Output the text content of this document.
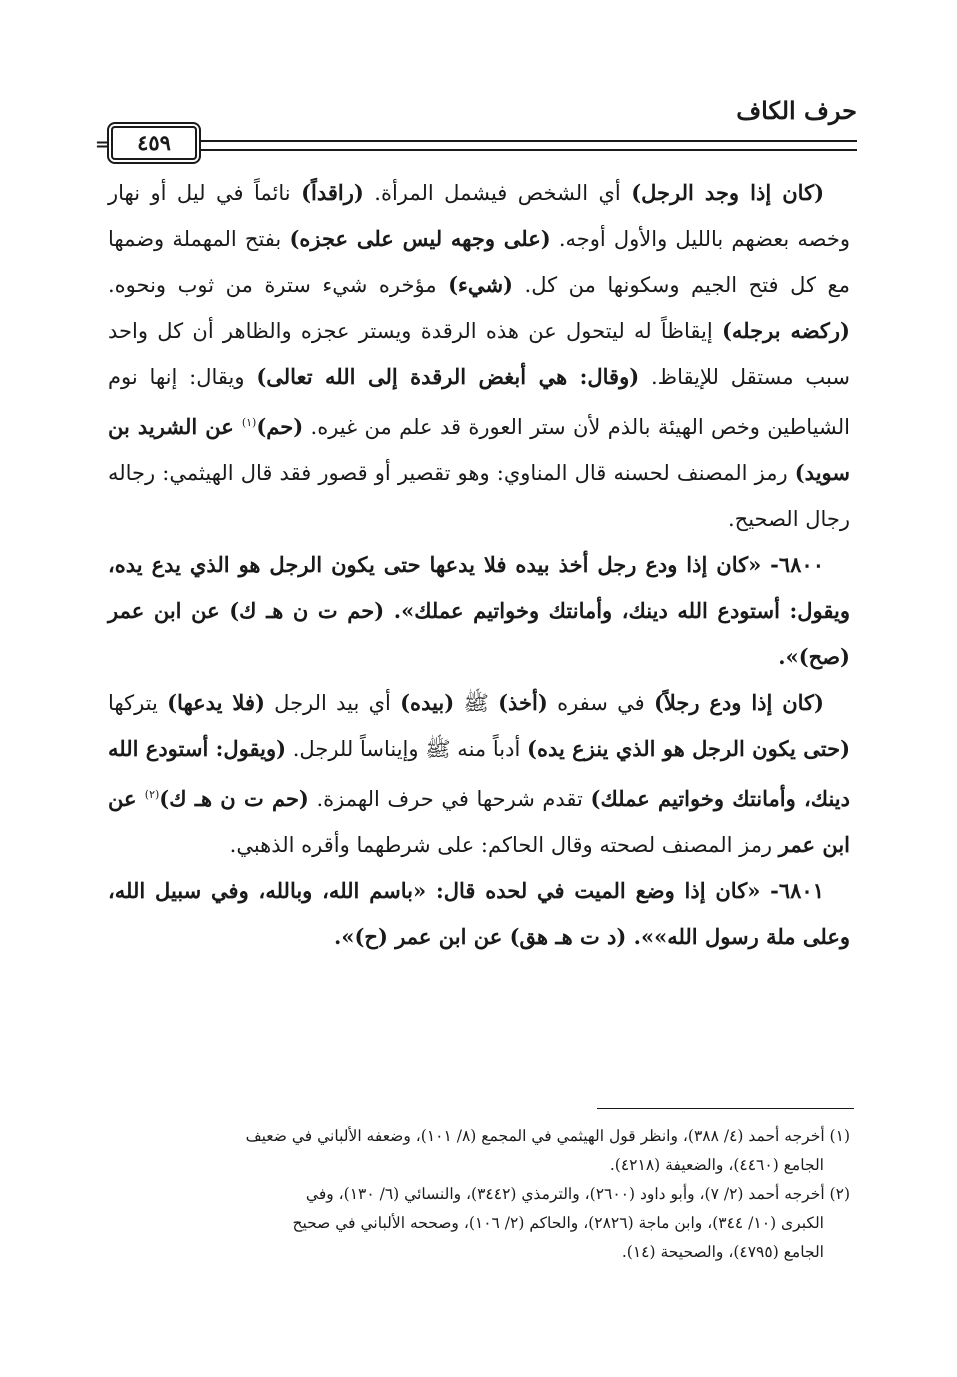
حرف الكاف
٤٥٩
=

(كان إذا وجد الرجل) أي الشخص فيشمل المرأة. (راقداً) نائماً في ليل أو نهار وخصه بعضهم بالليل والأول أوجه. (على وجهه ليس على عجزه) بفتح المهملة وضمها مع كل فتح الجيم وسكونها من كل. (شيء) مؤخره شيء سترة من ثوب ونحوه. (ركضه برجله) إيقاظاً له ليتحول عن هذه الرقدة ويستر عجزه والظاهر أن كل واحد سبب مستقل للإيقاظ. (وقال: هي أبغض الرقدة إلى الله تعالى) ويقال: إنها نوم الشياطين وخص الهيئة بالذم لأن ستر العورة قد علم من غيره. (حم)$^{(١)}$ عن الشريد بن سويد) رمز المصنف لحسنه قال المناوي: وهو تقصير أو قصور فقد قال الهيثمي: رجاله رجال الصحيح.

٦٨٠٠- «كان إذا ودع رجل أخذ بيده فلا يدعها حتى يكون الرجل هو الذي يدع يده، ويقول: أستودع الله دينك، وأمانتك وخواتيم عملك». (حم ت ن هـ ك) عن ابن عمر (صح)».

(كان إذا ودع رجلاً) في سفره (أخذ) ﷺ (بيده) أي بيد الرجل (فلا يدعها) يتركها (حتى يكون الرجل هو الذي ينزع يده) أدباً منه ﷺ وإيناساً للرجل. (ويقول: أستودع الله دينك، وأمانتك وخواتيم عملك) تقدم شرحها في حرف الهمزة. (حم ت ن هـ ك)$^{(٢)}$ عن ابن عمر رمز المصنف لصحته وقال الحاكم: على شرطهما وأقره الذهبي.

٦٨٠١- «كان إذا وضع الميت في لحده قال: «باسم الله، وبالله، وفي سبيل الله، وعلى ملة رسول الله»». (د ت هـ هق) عن ابن عمر (ح)».

(١) أخرجه أحمد (٤/ ٣٨٨)، وانظر قول الهيثمي في المجمع (٨/ ١٠١)، وضعفه الألباني في ضعيف
الجامع (٤٤٦٠)، والضعيفة (٤٢١٨).

(٢) أخرجه أحمد (٢/ ٧)، وأبو داود (٢٦٠٠)، والترمذي (٣٤٤٢)، والنسائي (٦/ ١٣٠)، وفي
الكبرى (١٠/ ٣٤٤)، وابن ماجة (٢٨٢٦)، والحاكم (٢/ ١٠٦)، وصححه الألباني في صحيح
الجامع (٤٧٩٥)، والصحيحة (١٤).
